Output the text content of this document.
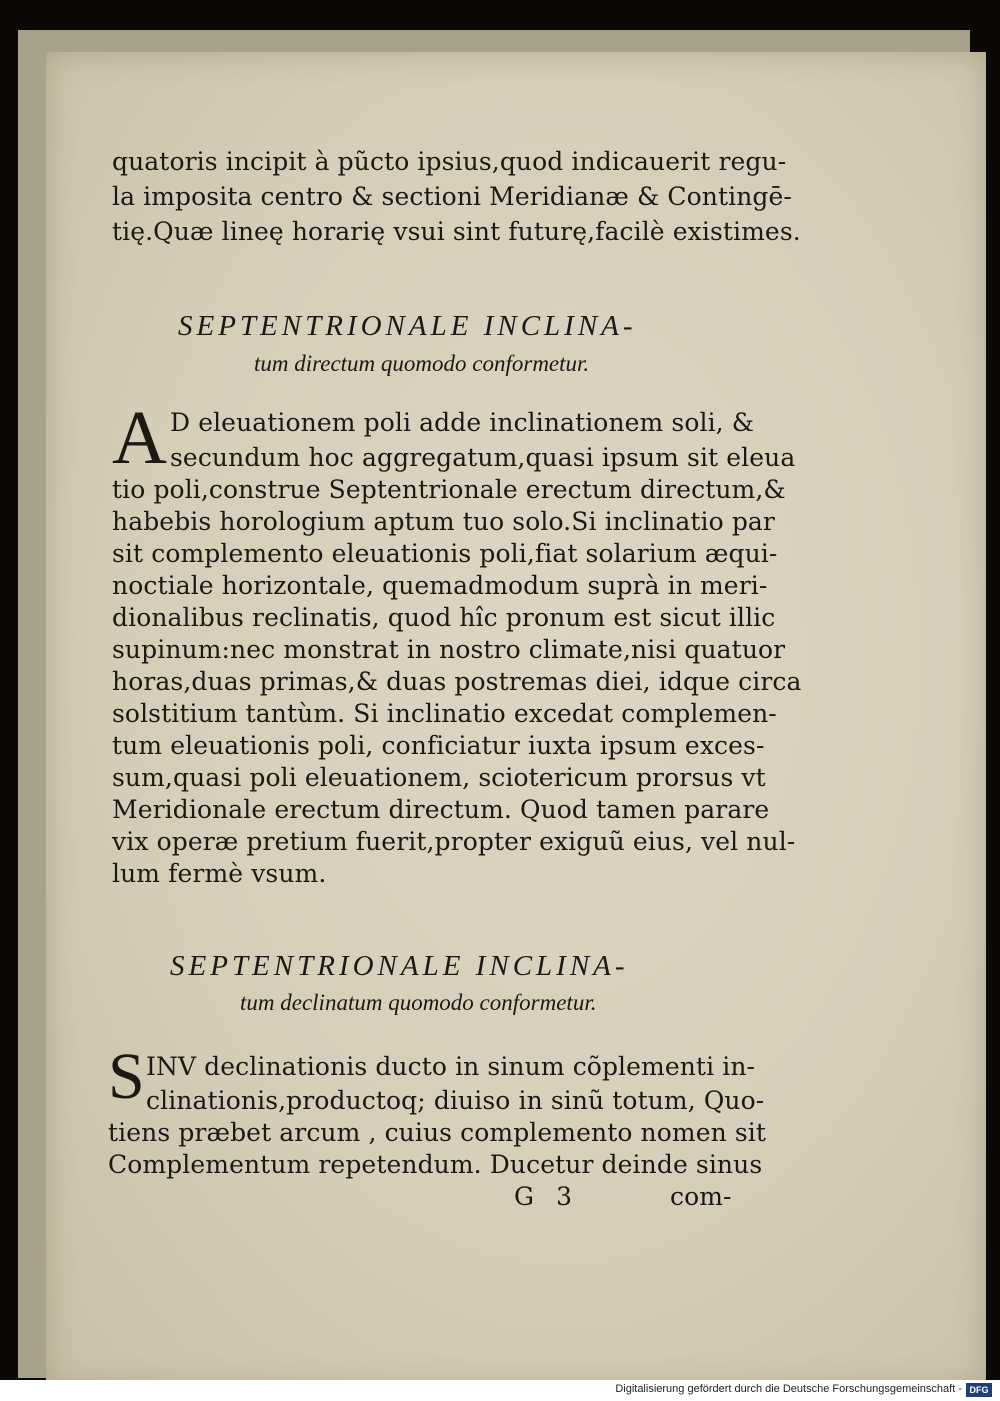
quatoris incipit à pũcto ipsius,quod indicauerit regu-

la imposita centro & sectioni Meridianæ & Contingē-

tię.Quæ lineę horarię vsui sint futurę,facilè existimes.

SEPTENTRIONALE INCLINA-

tum directum quomodo conformetur.

A D eleuationem poli adde inclinationem soli, &

secundum hoc aggregatum,quasi ipsum sit eleua

tio poli,construe Septentrionale erectum directum,&

habebis horologium aptum tuo solo.Si inclinatio par

sit complemento eleuationis poli,fiat solarium æqui-

noctiale horizontale, quemadmodum suprà in meri-

dionalibus reclinatis, quod hîc pronum est sicut illic

supinum:nec monstrat in nostro climate,nisi quatuor

horas,duas primas,& duas postremas diei, idque circa

solstitium tantùm. Si inclinatio excedat complemen-

tum eleuationis poli, conficiatur iuxta ipsum exces-

sum,quasi poli eleuationem, sciotericum prorsus vt

Meridionale erectum directum. Quod tamen parare

vix operæ pretium fuerit,propter exiguũ eius, vel nul-

lum fermè vsum.

SEPTENTRIONALE INCLINA-

tum declinatum quomodo conformetur.

S INV declinationis ducto in sinum cõplementi in-

clinationis,productoq; diuiso in sinũ totum, Quo-

tiens præbet arcum , cuius complemento nomen sit

Complementum repetendum. Ducetur deinde sinus

G 3	com-

Digitalisierung gefördert durch die Deutsche Forschungsgemeinschaft - DFG
